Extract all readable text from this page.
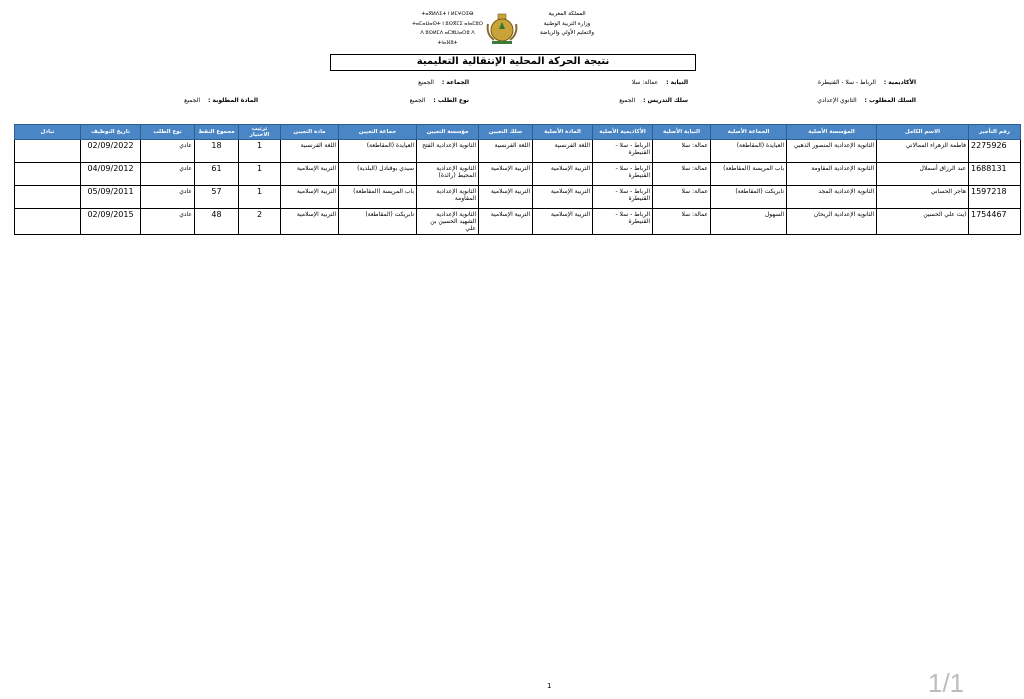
ⵜⴰⴳⵍⴷⵉⵜ ⵏ ⵍⵎⵖⵔⵉⴱ
ⵜⴰⵎⴰⵡⴰⵙⵜ ⵏ ⵓⵙⴳⵎⵉ ⴰⵏⴰⵎⵓⵔ
ⴷ ⵓⵙⵍⵎⴷ ⴰⵎⵣⵡⴰⵔⵓ ⴷ ⵜⵏⴰⴼⵓⵜ
المملكة المغربية
وزارة التربية الوطنية
والتعليم الأولي والرياضة
نتيجة الحركة المحلية الإنتقالية التعليمية
الأكاديمية : الرباط - سلا - القنيطرة
النيابة : عمالة: سلا
الجماعة : الجميع
السلك المطلوب : الثانوي الإعدادي
سلك التدريس : الجميع
نوع الطلب : الجميع
المادة المطلوبة : الجميع
رقم التأجير	الاسم الكامل	المؤسسة الأصلية	الجماعة الأصلية	النيابة الأصلية	الأكاديمية الأصلية	المادة الأصلية	سلك التعيين	مؤسسة التعيين	جماعة التعيين	مادة التعيين	ترتيب الاختيار	مجموع النقط	نوع الطلب	تاريخ التوظيف	تبادل
2275926	فاطمة الزهراء الممالاني	الثانوية الإعدادية المنصور الذهبي	العيايدة (المقاطعة)	عمالة: سلا	الرباط - سلا - القنيطرة	اللغة الفرنسية	اللغة الفرنسية	الثانوية الإعدادية الفتح	العيايدة (المقاطعة)	اللغة الفرنسية	1	18	عادي	02/09/2022	
1688131	عبد الرزاق أسملال	الثانوية الإعدادية المقاومة	باب المريسة (المقاطعة)	عمالة: سلا	الرباط - سلا - القنيطرة	التربية الإسلامية	التربية الإسلامية	الثانوية الإعدادية المحيط (رائدة)	سيدي بوقنادل (البلدية)	التربية الإسلامية	1	61	عادي	04/09/2012	
1597218	هاجر الحساني	الثانوية الإعدادية المجد	تابريكت (المقاطعة)	عمالة: سلا	الرباط - سلا - القنيطرة	التربية الإسلامية	التربية الإسلامية	الثانوية الإعدادية المقاومة	باب المريسة (المقاطعة)	التربية الإسلامية	1	57	عادي	05/09/2011	
1754467	ايت علي الحسين	الثانوية الإعدادية الريحان	السهول	عمالة: سلا	الرباط - سلا - القنيطرة	التربية الإسلامية	التربية الإسلامية	الثانوية الإعدادية الشهيد الحسين بن علي	تابريكت (المقاطعة)	التربية الإسلامية	2	48	عادي	02/09/2015	
1	1/1
